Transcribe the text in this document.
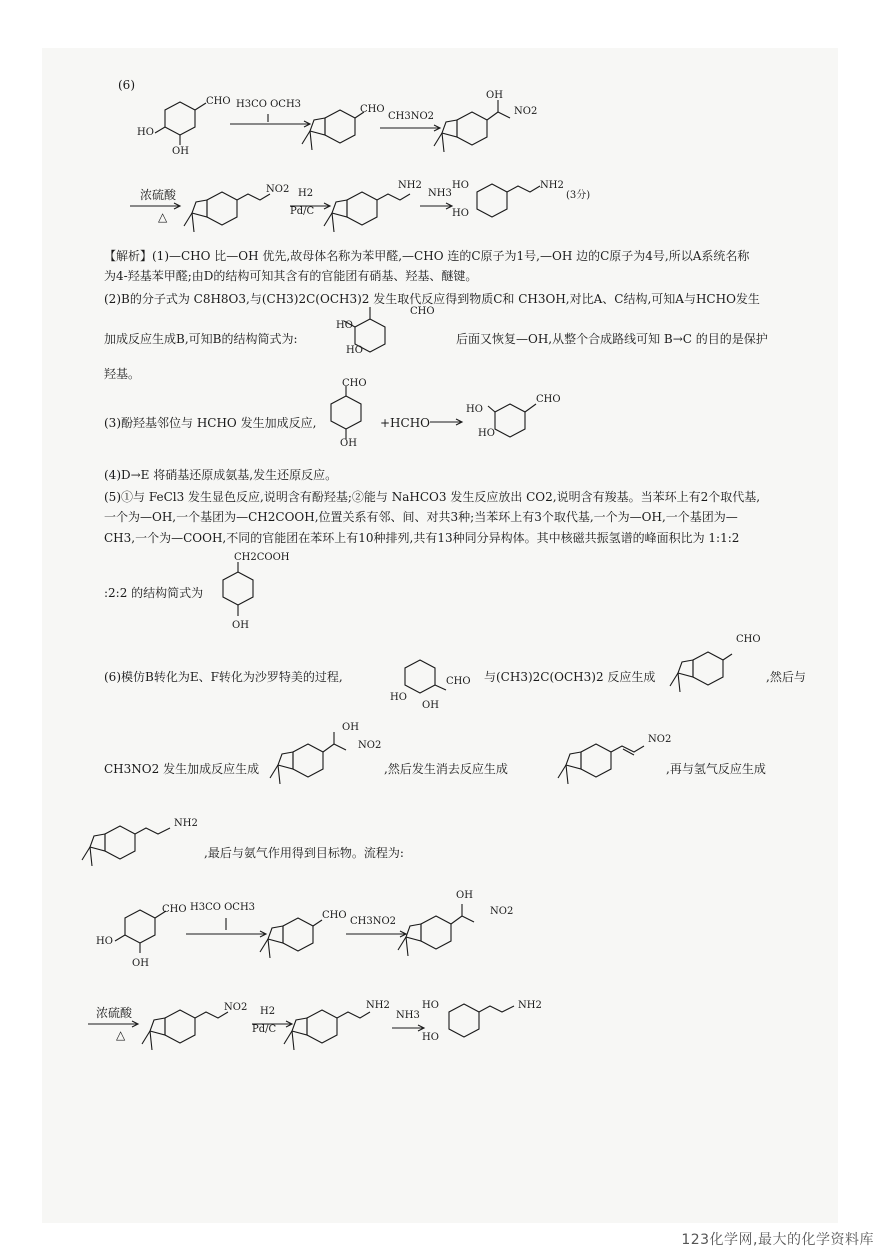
(6)
CHO
HO
OH
H3CO OCH3	CHO
CH3NO2
OH
NO2
浓硫酸
△
NO2 H2
Pd/C
NH2
NH3
HO
HO
NH2
(3分)
【解析】(1)—CHO 比—OH 优先,故母体名称为苯甲醛,—CHO 连的C原子为1号,—OH 边的C原子为4号,所以A系统名称
为4-羟基苯甲醛;由D的结构可知其含有的官能团有硝基、羟基、醚键。
(2)B的分子式为 C8H8O3,与(CH3)2C(OCH3)2 发生取代反应得到物质C和 CH3OH,对比A、C结构,可知A与HCHO发生
加成反应生成B,可知B的结构简式为:
HO
HO
CHO
后面又恢复—OH,从整个合成路线可知 B→C 的目的是保护
羟基。
(3)酚羟基邻位与 HCHO 发生加成反应,
CHO
OH
+HCHO →
CHO
HO
HO
(4)D→E 将硝基还原成氨基,发生还原反应。
(5)①与 FeCl3 发生显色反应,说明含有酚羟基;②能与 NaHCO3 发生反应放出 CO2,说明含有羧基。当苯环上有2个取代基,
一个为—OH,一个基团为—CH2COOH,位置关系有邻、间、对共3种;当苯环上有3个取代基,一个为—OH,一个基团为—
CH3,一个为—COOH,不同的官能团在苯环上有10种排列,共有13种同分异构体。其中核磁共振氢谱的峰面积比为 1:1:2
:2:2 的结构简式为
CH2COOH
OH
(6)模仿B转化为E、F转化为沙罗特美的过程,	CHO
HO
OH
与(CH3)2C(OCH3)2 反应生成
CHO
,然后与
CH3NO2 发生加成反应生成
OH
NO2
,然后发生消去反应生成
NO2
,再与氢气反应生成
NH2
,最后与氨气作用得到目标物。流程为:
CHO
HO
OH
H3CO OCH3
CHO
CH3NO2
OH
NO2
浓硫酸
△
NO2 H2
Pd/C
NH2
NH3
HO
HO
NH2
123化学网,最大的化学资料库
